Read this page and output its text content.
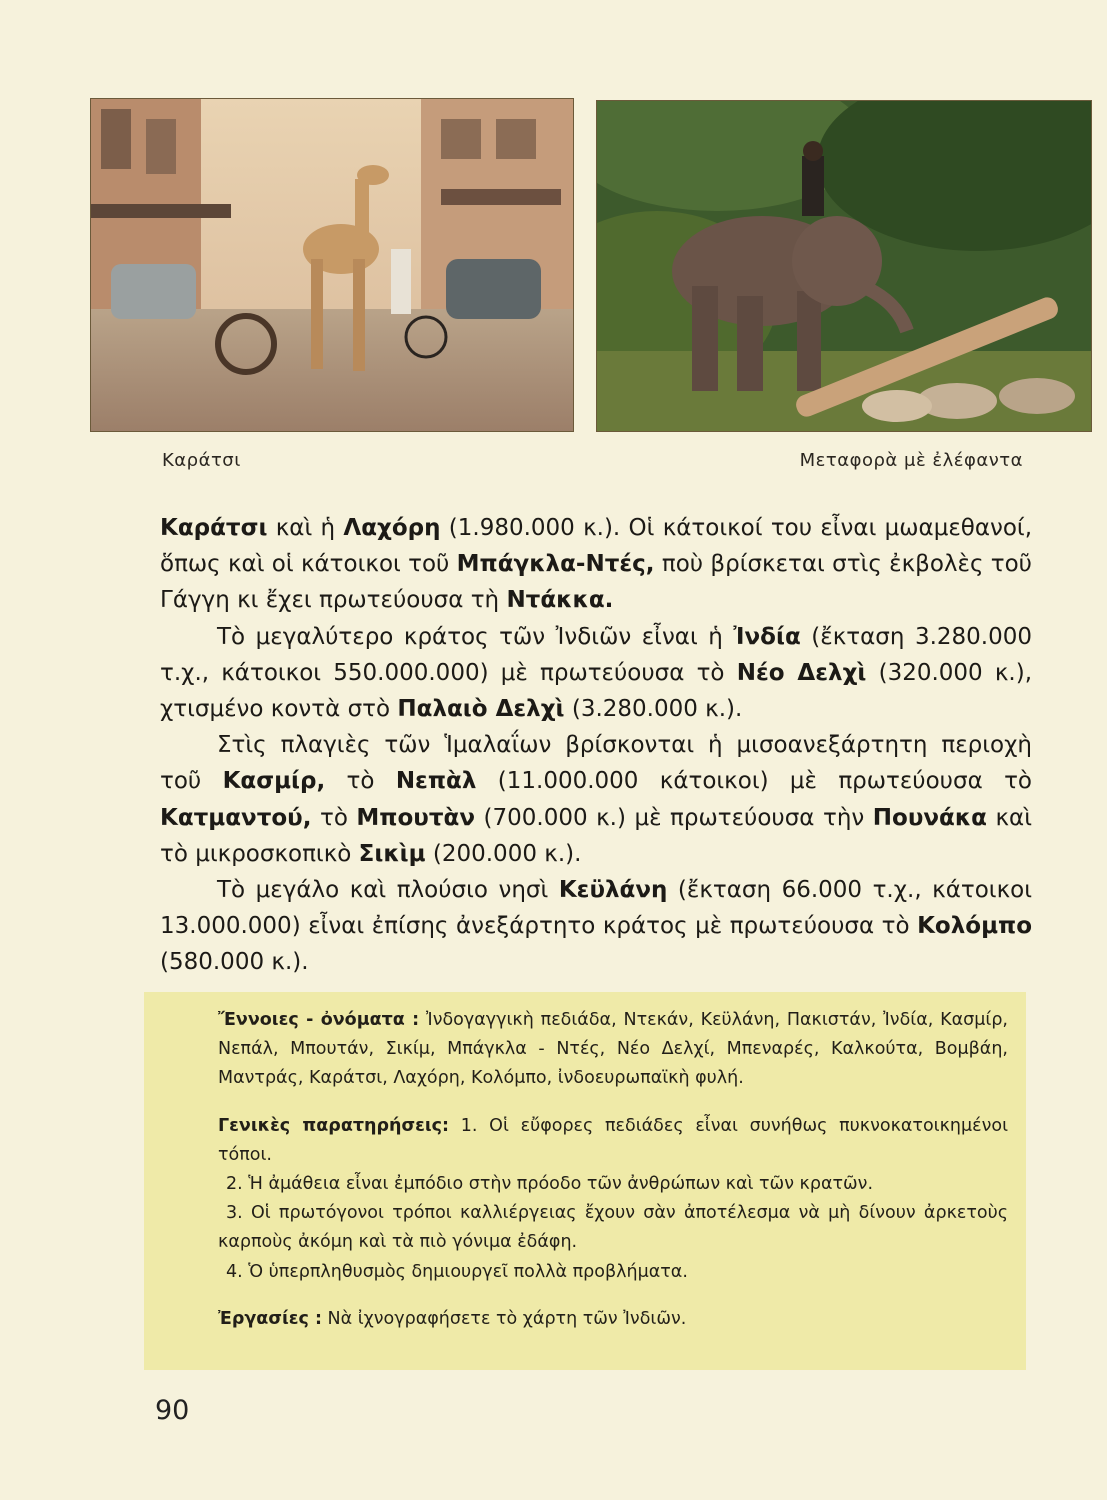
Καράτσι	Μεταφορὰ μὲ ἐλέφαντα

Καράτσι καὶ ἡ Λαχόρη (1.980.000 κ.). Οἱ κάτοικοί του εἶναι μωαμεθανοί, ὅπως καὶ οἱ κάτοικοι τοῦ Μπάγκλα-Ντές, ποὺ βρίσκεται στὶς ἐκβολὲς τοῦ Γάγγη κι ἔχει πρωτεύουσα τὴ Ντάκκα.

Τὸ μεγαλύτερο κράτος τῶν Ἰνδιῶν εἶναι ἡ Ἰνδία (ἔκταση 3.280.000 τ.χ., κάτοικοι 550.000.000) μὲ πρωτεύουσα τὸ Νέο Δελχὶ (320.000 κ.), χτισμένο κοντὰ στὸ Παλαιὸ Δελχὶ (3.280.000 κ.).

Στὶς πλαγιὲς τῶν Ἱμαλαΐων βρίσκονται ἡ μισοανεξάρτητη περιοχὴ τοῦ Κασμίρ, τὸ Νεπὰλ (11.000.000 κάτοικοι) μὲ πρωτεύουσα τὸ Κατμαντού, τὸ Μπουτὰν (700.000 κ.) μὲ πρωτεύουσα τὴν Πουνάκα καὶ τὸ μικροσκοπικὸ Σικὶμ (200.000 κ.).

Τὸ μεγάλο καὶ πλούσιο νησὶ Κεϋλάνη (ἔκταση 66.000 τ.χ., κάτοικοι 13.000.000) εἶναι ἐπίσης ἀνεξάρτητο κράτος μὲ πρωτεύουσα τὸ Κολόμπο (580.000 κ.).

Ἔννοιες - ὀνόματα : Ἰνδογαγγικὴ πεδιάδα, Ντεκάν, Κεϋλάνη, Πακιστάν, Ἰνδία, Κασμίρ, Νεπάλ, Μπουτάν, Σικίμ, Μπάγκλα - Ντές, Νέο Δελχί, Μπεναρές, Καλκούτα, Βομβάη, Μαντράς, Καράτσι, Λαχόρη, Κολόμπο, ἰνδοευρωπαϊκὴ φυλή.

Γενικὲς παρατηρήσεις: 1. Οἱ εὔφορες πεδιάδες εἶναι συνήθως πυκνοκατοικημένοι τόποι.

2. Ἡ ἀμάθεια εἶναι ἐμπόδιο στὴν πρόοδο τῶν ἀνθρώπων καὶ τῶν κρατῶν.

3. Οἱ πρωτόγονοι τρόποι καλλιέργειας ἔχουν σὰν ἀποτέλεσμα νὰ μὴ δίνουν ἀρκετοὺς καρποὺς ἀκόμη καὶ τὰ πιὸ γόνιμα ἐδάφη.

4. Ὁ ὑπερπληθυσμὸς δημιουργεῖ πολλὰ προβλήματα.

Ἐργασίες : Νὰ ἰχνογραφήσετε τὸ χάρτη τῶν Ἰνδιῶν.

90
